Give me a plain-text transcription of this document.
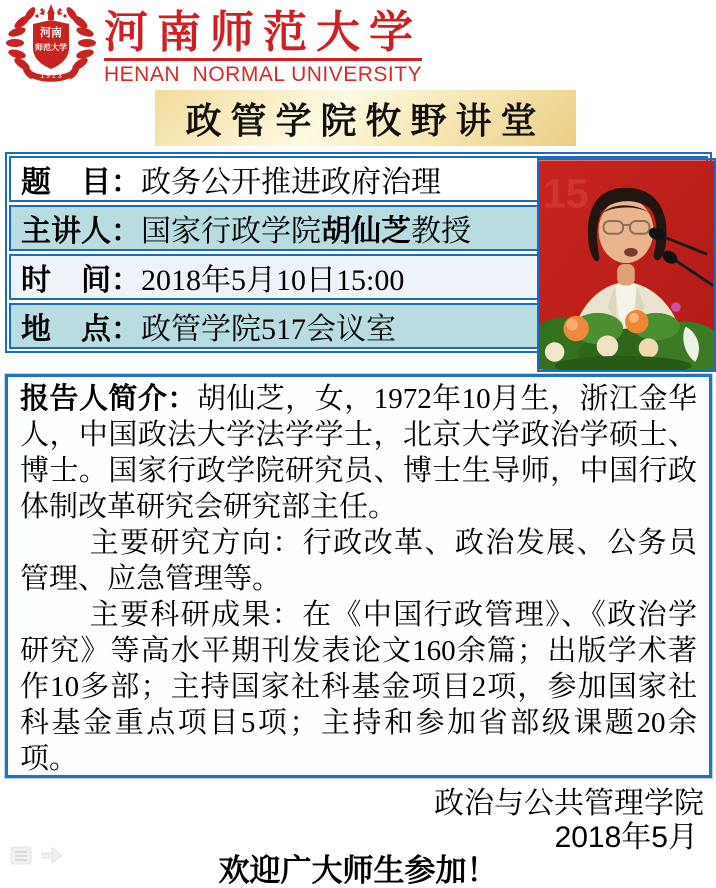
河南
师范大学
1 9 2 3
河南师范大学
HENAN  NORMAL UNIVERSITY
政管学院牧野讲堂
题　目： 政务公开推进政府治理
主讲人： 国家行政学院 胡仙芝 教授
时　间： 2018年5月10日15:00
地　点： 政管学院517会议室
15

报告人简介：胡仙芝，女，1972年10月生，浙江金华人，中国政法大学法学学士，北京大学政治学硕士、博士。国家行政学院研究员、博士生导师，中国行政体制改革研究会研究部主任。

主要研究方向：行政改革、政治发展、公务员管理、应急管理等。

主要科研成果：在《中国行政管理》、《政治学研究》等高水平期刊发表论文160余篇；出版学术著作10多部；主持国家社科基金项目2项，参加国家社科基金重点项目5项；主持和参加省部级课题20余项。

政治与公共管理学院
2018年5月
欢迎广大师生参加！
